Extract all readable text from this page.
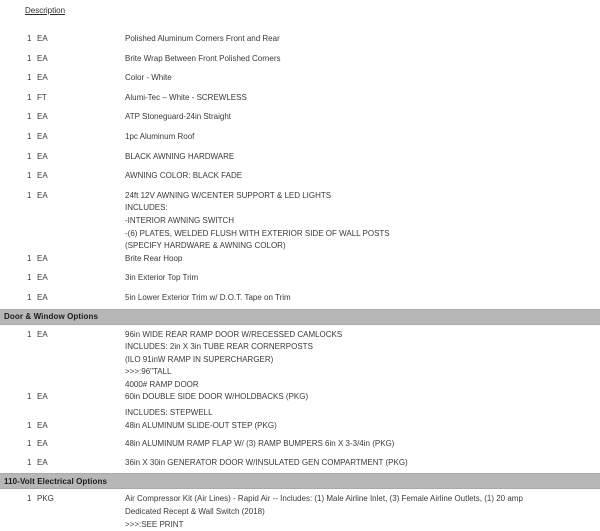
Description
1 EA	Polished Aluminum Corners Front and Rear
1 EA	Brite Wrap Between Front Polished Corners
1 EA	Color - White
1 FT	Alumi-Tec – White - SCREWLESS
1 EA	ATP Stoneguard-24in Straight
1 EA	1pc Aluminum Roof
1 EA	BLACK AWNING HARDWARE
1 EA	AWNING COLOR: BLACK FADE
1 EA	24ft 12V AWNING W/CENTER SUPPORT & LED LIGHTS
INCLUDES:
-INTERIOR AWNING SWITCH
-(6) PLATES, WELDED FLUSH WITH EXTERIOR SIDE OF WALL POSTS
(SPECIFY HARDWARE & AWNING COLOR)
1 EA	Brite Rear Hoop
1 EA	3in Exterior Top Trim
1 EA	5in Lower Exterior Trim w/ D.O.T. Tape on Trim
Door & Window Options
1 EA	96in WIDE REAR RAMP DOOR W/RECESSED CAMLOCKS
INCLUDES: 2in X 3in TUBE REAR CORNERPOSTS
(ILO 91inW RAMP IN SUPERCHARGER)
>>>:96"TALL
4000# RAMP DOOR
1 EA	60in DOUBLE SIDE DOOR W/HOLDBACKS (PKG)
INCLUDES: STEPWELL
1 EA	48in ALUMINUM SLIDE-OUT STEP (PKG)
1 EA	48in ALUMINUM RAMP FLAP W/ (3) RAMP BUMPERS 6in X 3-3/4in (PKG)
1 EA	36in X 30in GENERATOR DOOR W/INSULATED GEN COMPARTMENT (PKG)
110-Volt Electrical Options
1 PKG	Air Compressor Kit (Air Lines) - Rapid Air -- Includes: (1) Male Airline Inlet, (3) Female Airline Outlets, (1) 20 amp
Dedicated Recept & Wall Switch (2018)
>>>:SEE PRINT
